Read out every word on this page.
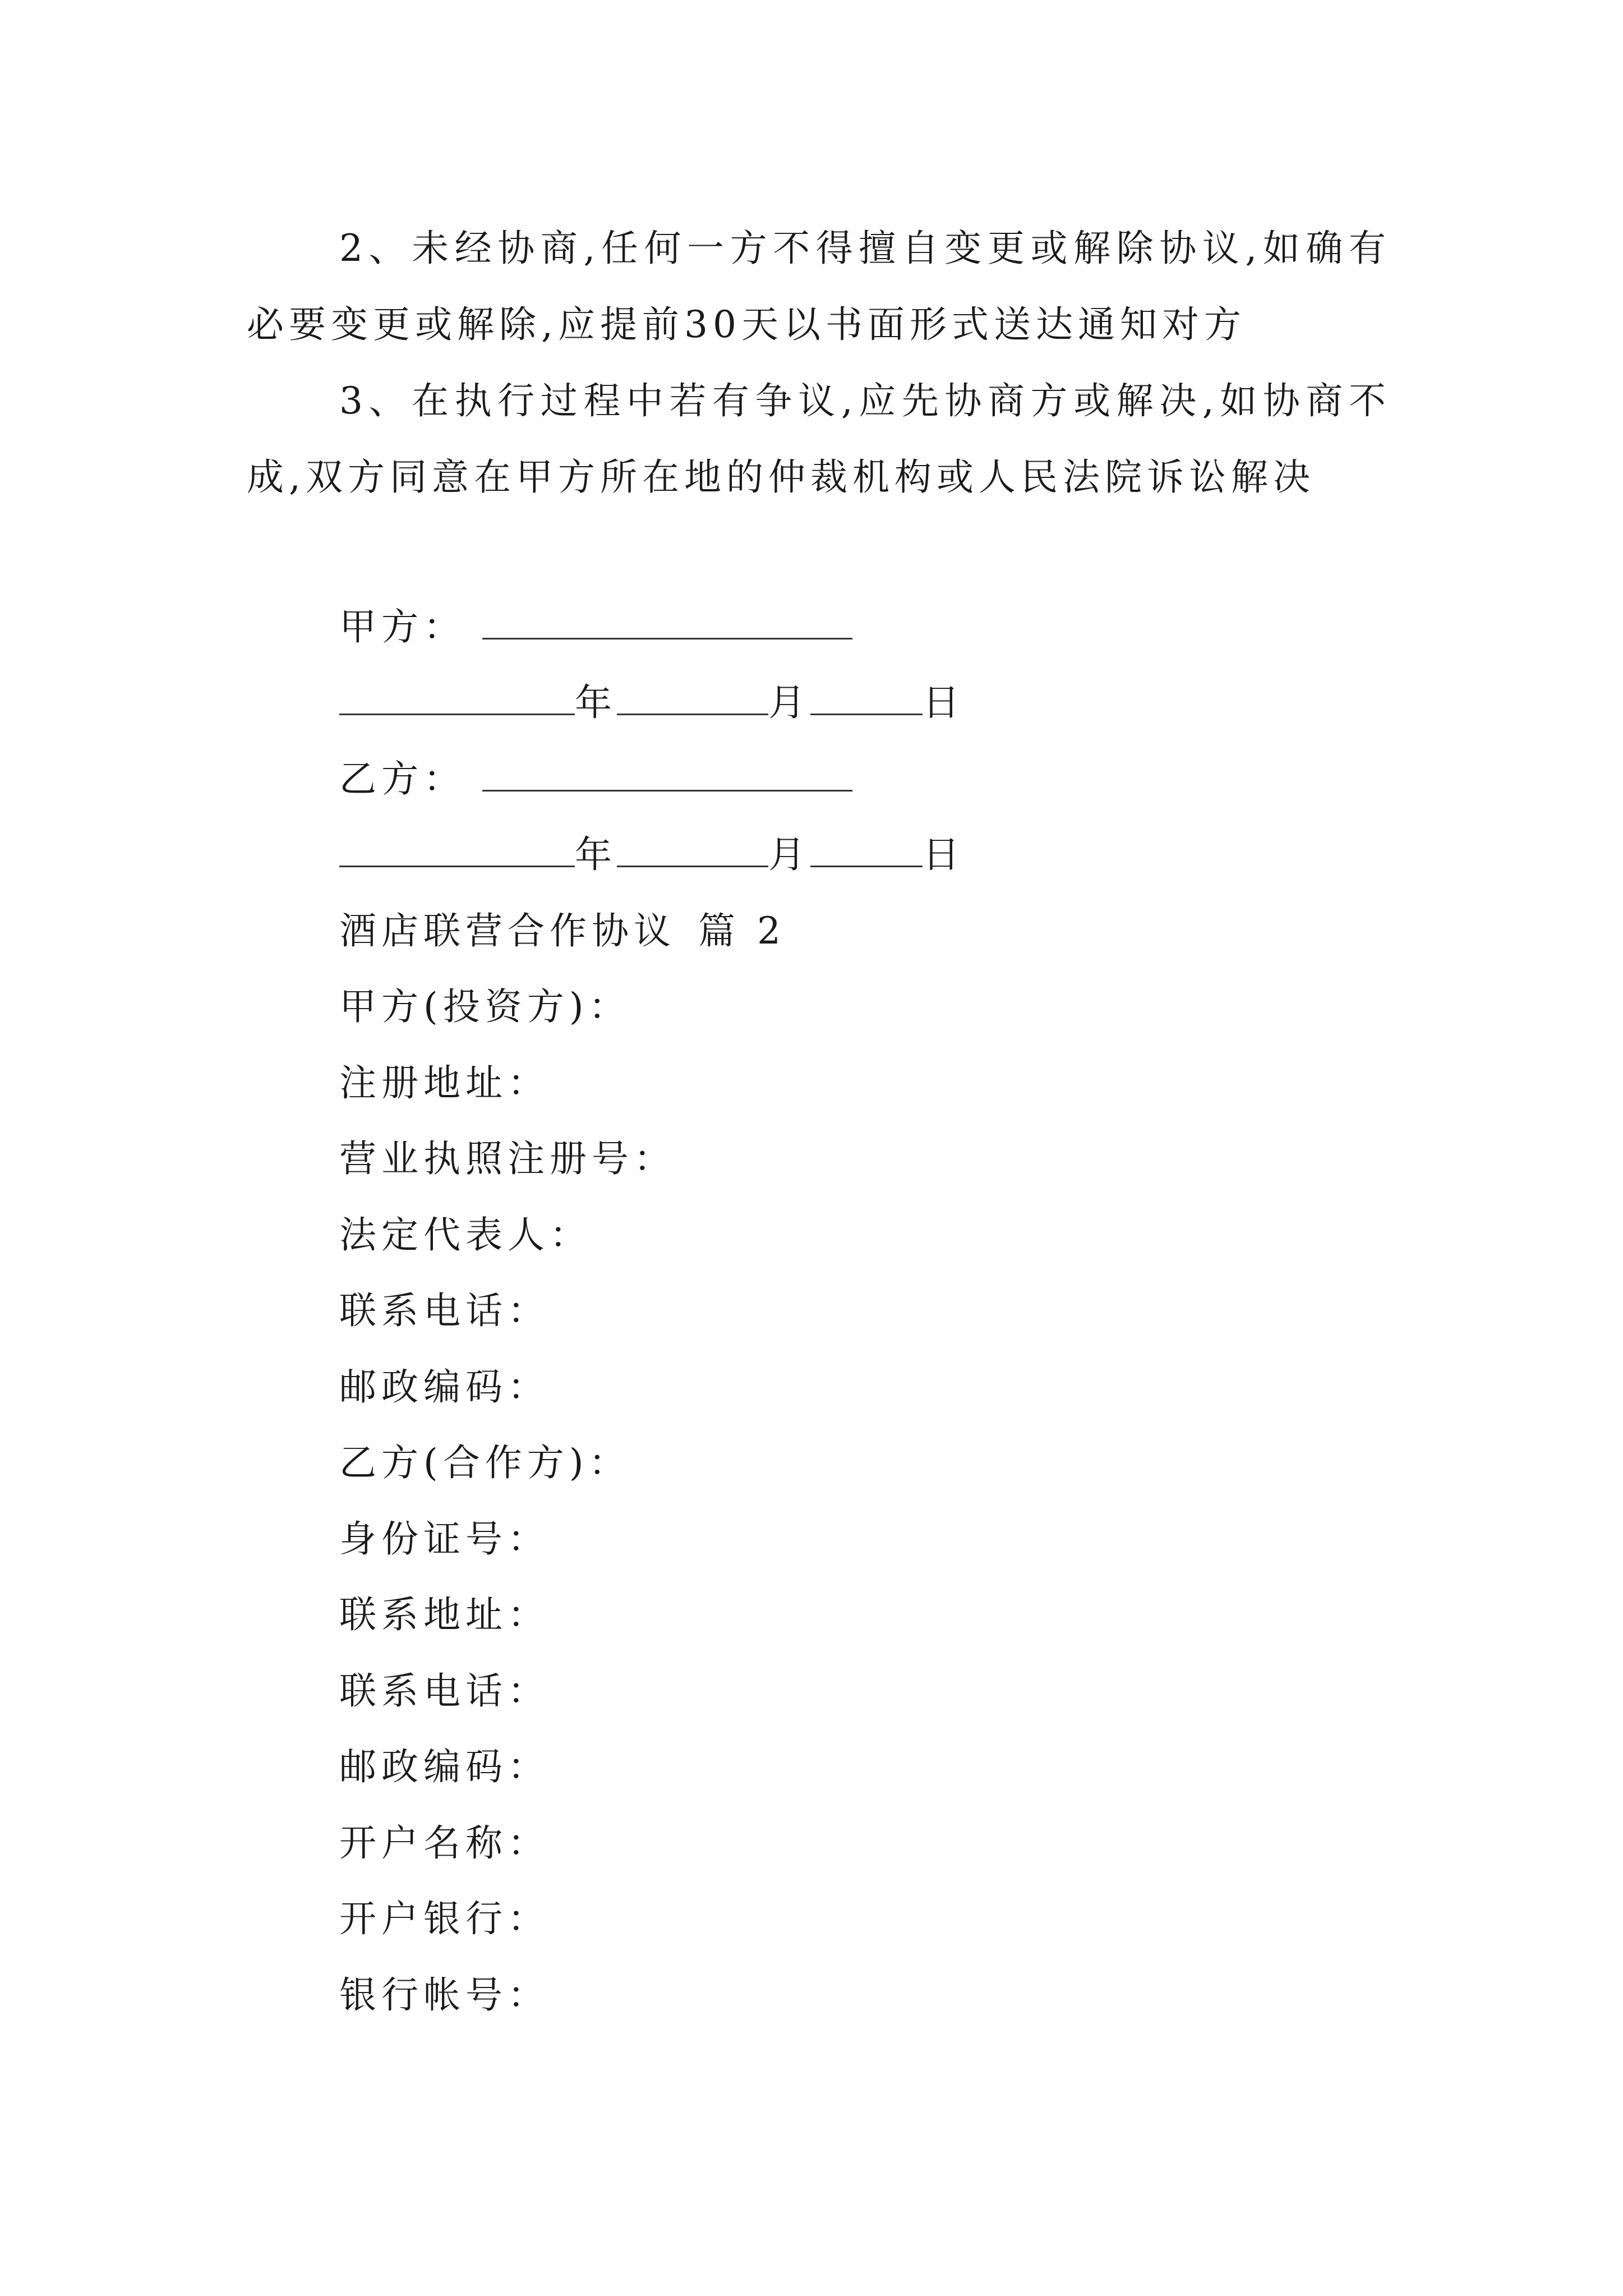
2、未经协商,任何一方不得擅自变更或解除协议,如确有必要变更或解除,应提前30天以书面形式送达通知对方

3、在执行过程中若有争议,应先协商方或解决,如协商不成,双方同意在甲方所在地的仲裁机构或人民法院诉讼解决

甲方：
年	月	日
乙方：
年	月	日
酒店联营合作协议 篇 2
甲方(投资方)：
注册地址：
营业执照注册号：
法定代表人：
联系电话：
邮政编码：
乙方(合作方)：
身份证号：
联系地址：
联系电话：
邮政编码：
开户名称：
开户银行：
银行帐号：
